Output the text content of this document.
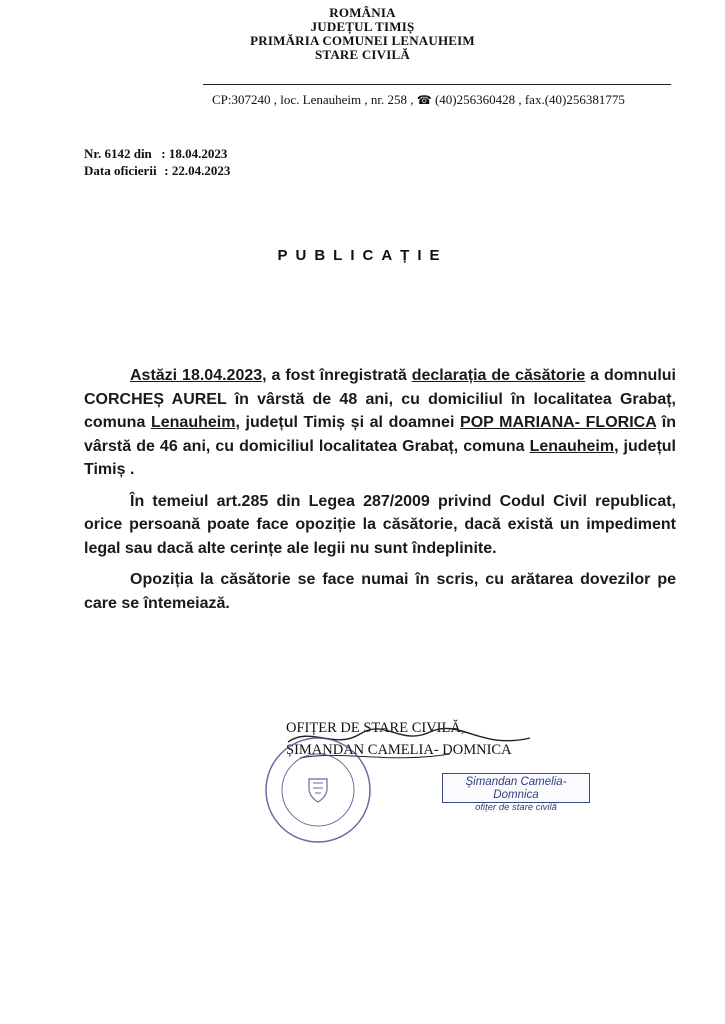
ROMÂNIA
JUDEȚUL TIMIȘ
PRIMĂRIA COMUNEI LENAUHEIM
STARE CIVILĂ
CP:307240 , loc. Lenauheim , nr. 258 , ☎ (40)256360428 , fax.(40)256381775
Nr. 6142 din : 18.04.2023
Data oficierii : 22.04.2023
PUBLICAȚIE

Astăzi 18.04.2023, a fost înregistrată declarația de căsătorie a domnului CORCHEȘ AUREL în vârstă de 48 ani, cu domiciliul în localitatea Grabaț, comuna Lenauheim, județul Timiș și al doamnei POP MARIANA- FLORICA în vârstă de 46 ani, cu domiciliul localitatea Grabaț, comuna Lenauheim, județul Timiș .

În temeiul art.285 din Legea 287/2009 privind Codul Civil republicat, orice persoană poate face opoziție la căsătorie, dacă există un impediment legal sau dacă alte cerințe ale legii nu sunt îndeplinite.

Opoziția la căsătorie se face numai în scris, cu arătarea dovezilor pe care se întemeiază.

OFIȚER DE STARE CIVILĂ,
ȘIMANDAN CAMELIA- DOMNICA
Şimandan Camelia-Domnica
ofițer de stare civilă
